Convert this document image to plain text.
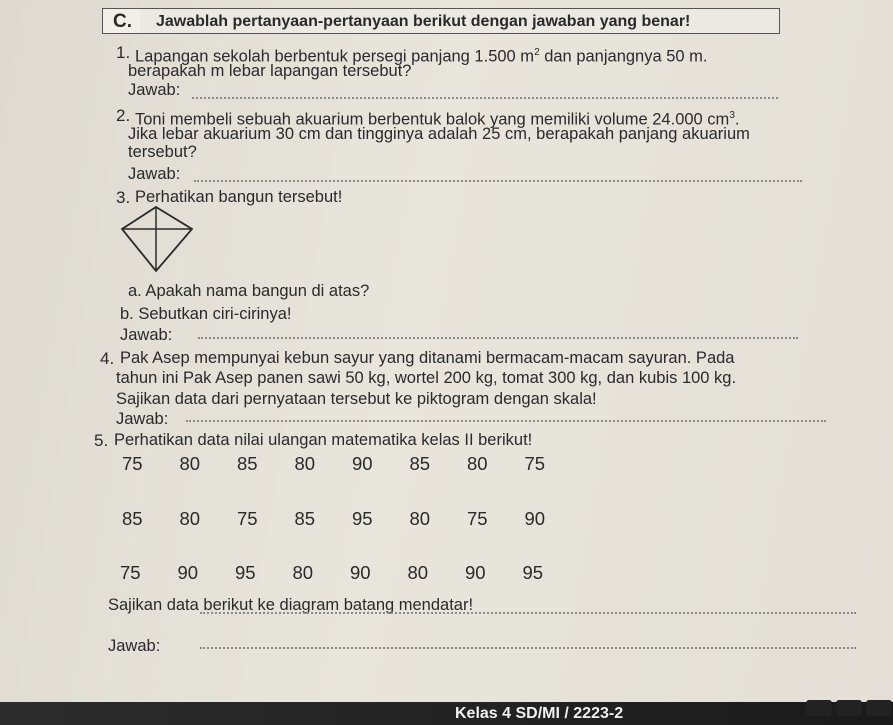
C.	Jawablah pertanyaan-pertanyaan berikut dengan jawaban yang benar!
1. Lapangan sekolah berbentuk persegi panjang 1.500 $m^2$ dan panjangnya 50 m.
berapakah m lebar lapangan tersebut?
Jawab:
2. Toni membeli sebuah akuarium berbentuk balok yang memiliki volume 24.000 $cm^3$.
Jika lebar akuarium 30 cm dan tingginya adalah 25 cm, berapakah panjang akuarium
tersebut?
Jawab:
3. Perhatikan bangun tersebut!
a. Apakah nama bangun di atas?
b. Sebutkan ciri-cirinya!
Jawab:
4. Pak Asep mempunyai kebun sayur yang ditanami bermacam-macam sayuran. Pada
tahun ini Pak Asep panen sawi 50 kg, wortel 200 kg, tomat 300 kg, dan kubis 100 kg.
Sajikan data dari pernyataan tersebut ke piktogram dengan skala!
Jawab:
5. Perhatikan data nilai ulangan matematika kelas II berikut!
75	80	85	80	90	85	80	75
85	80	75	85	95	80	75	90
75	90	95	80	90	80	90	95
Sajikan data berikut ke diagram batang mendatar!
Jawab:
Kelas 4 SD/MI / 2223-2
